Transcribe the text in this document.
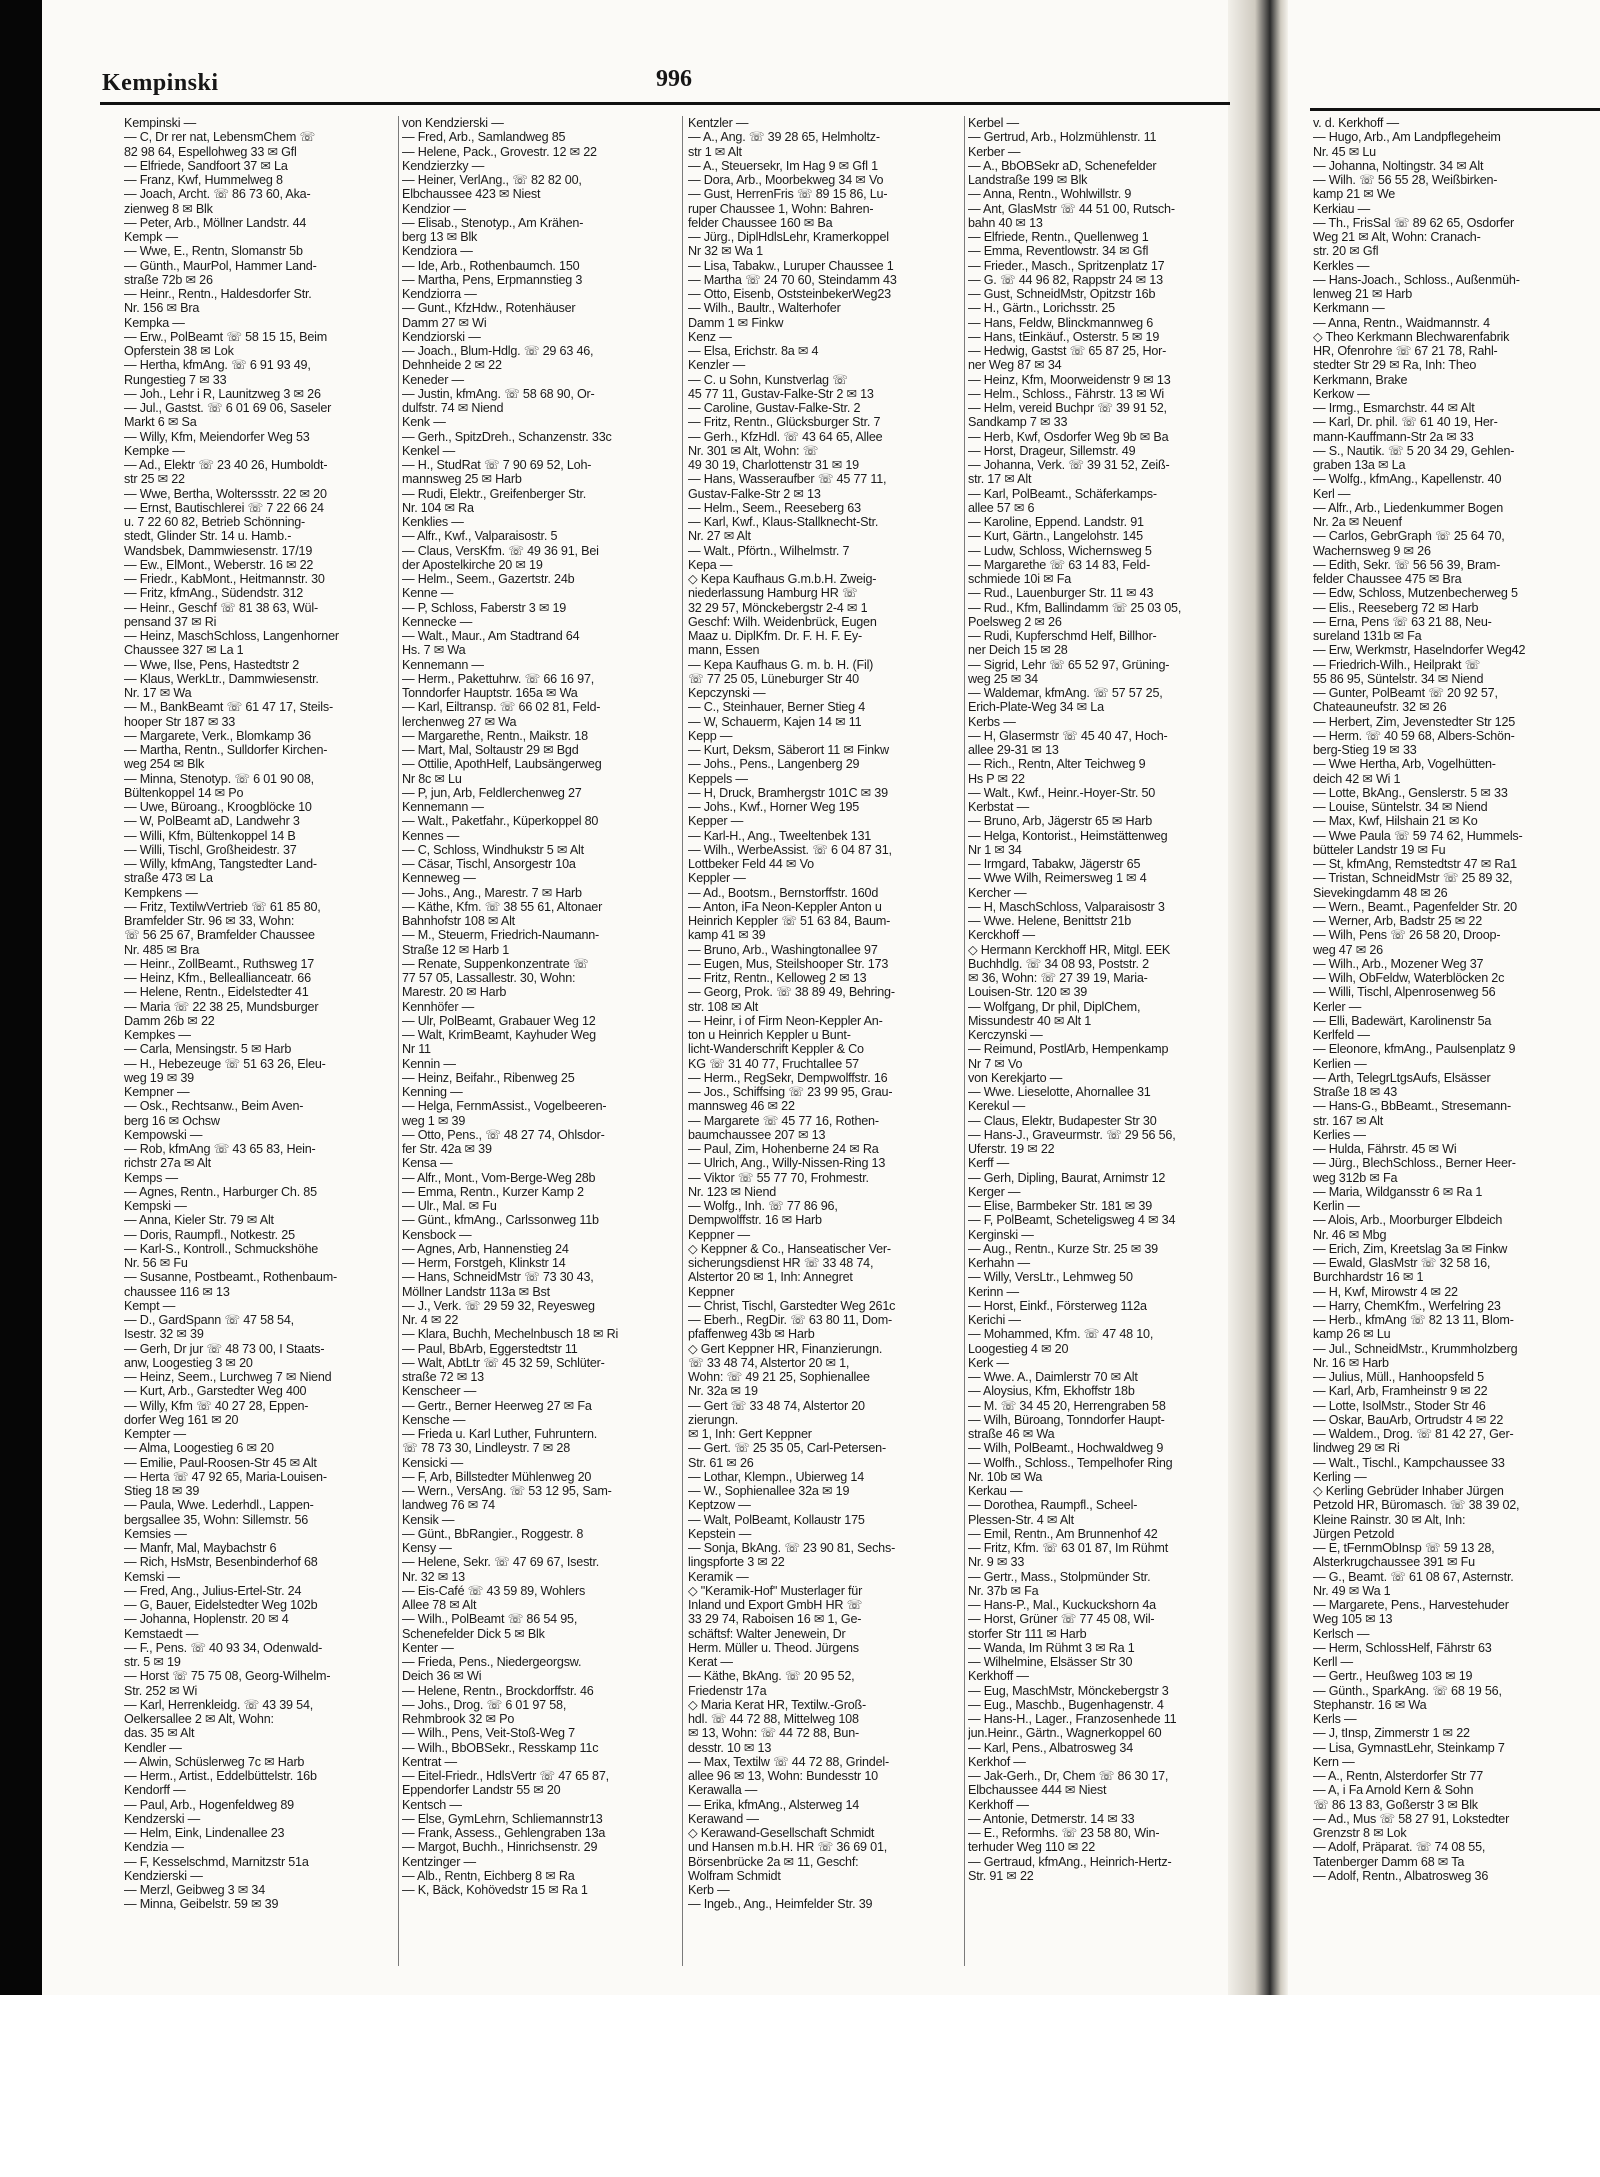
Kempinski	996
Kempinski —
— C, Dr rer nat, LebensmChem ☏
82 98 64, Espellohweg 33 ✉ Gfl
— Elfriede, Sandfoort 37 ✉ La
— Franz, Kwf, Hummelweg 8
— Joach, Archt. ☏ 86 73 60, Aka-
zienweg 8 ✉ Blk
— Peter, Arb., Möllner Landstr. 44
Kempk —
— Wwe, E., Rentn, Slomanstr 5b
— Günth., MaurPol, Hammer Land-
straße 72b ✉ 26
— Heinr., Rentn., Haldesdorfer Str.
Nr. 156 ✉ Bra
Kempka —
— Erw., PolBeamt ☏ 58 15 15, Beim
Opferstein 38 ✉ Lok
— Hertha, kfmAng. ☏ 6 91 93 49,
Rungestieg 7 ✉ 33
— Joh., Lehr i R, Launitzweg 3 ✉ 26
— Jul., Gastst. ☏ 6 01 69 06, Saseler
Markt 6 ✉ Sa
— Willy, Kfm, Meiendorfer Weg 53
Kempke —
— Ad., Elektr ☏ 23 40 26, Humboldt-
str 25 ✉ 22
— Wwe, Bertha, Wolterssstr. 22 ✉ 20
— Ernst, Bautischlerei ☏ 7 22 66 24
u. 7 22 60 82, Betrieb Schönning-
stedt, Glinder Str. 14 u. Hamb.-
Wandsbek, Dammwiesenstr. 17/19
— Ew., ElMont., Weberstr. 16 ✉ 22
— Friedr., KabMont., Heitmannstr. 30
— Fritz, kfmAng., Südendstr. 312
— Heinr., Geschf ☏ 81 38 63, Wül-
pensand 37 ✉ Ri
— Heinz, MaschSchloss, Langenhorner
Chaussee 327 ✉ La 1
— Wwe, Ilse, Pens, Hastedtstr 2
— Klaus, WerkLtr., Dammwiesenstr.
Nr. 17 ✉ Wa
— M., BankBeamt ☏ 61 47 17, Steils-
hooper Str 187 ✉ 33
— Margarete, Verk., Blomkamp 36
— Martha, Rentn., Sulldorfer Kirchen-
weg 254 ✉ Blk
— Minna, Stenotyp. ☏ 6 01 90 08,
Bültenkoppel 14 ✉ Po
— Uwe, Büroang., Kroogblöcke 10
— W, PolBeamt aD, Landwehr 3
— Willi, Kfm, Bültenkoppel 14 B
— Willi, Tischl, Großheidestr. 37
— Willy, kfmAng, Tangstedter Land-
straße 473 ✉ La
Kempkens —
— Fritz, TextilwVertrieb ☏ 61 85 80,
Bramfelder Str. 96 ✉ 33, Wohn:
☏ 56 25 67, Bramfelder Chaussee
Nr. 485 ✉ Bra
— Heinr., ZollBeamt., Ruthsweg 17
— Heinz, Kfm., Belleallianceatr. 66
— Helene, Rentn., Eidelstedter 41
— Maria ☏ 22 38 25, Mundsburger
Damm 26b ✉ 22
Kempkes —
— Carla, Mensingstr. 5 ✉ Harb
— H., Hebezeuge ☏ 51 63 26, Eleu-
weg 19 ✉ 39
Kempner —
— Osk., Rechtsanw., Beim Aven-
berg 16 ✉ Ochsw
Kempowski —
— Rob, kfmAng ☏ 43 65 83, Hein-
richstr 27a ✉ Alt
Kemps —
— Agnes, Rentn., Harburger Ch. 85
Kempski —
— Anna, Kieler Str. 79 ✉ Alt
— Doris, Raumpfl., Notkestr. 25
— Karl-S., Kontroll., Schmuckshöhe
Nr. 56 ✉ Fu
— Susanne, Postbeamt., Rothenbaum-
chaussee 116 ✉ 13
Kempt —
— D., GardSpann ☏ 47 58 54,
Isestr. 32 ✉ 39
— Gerh, Dr jur ☏ 48 73 00, I Staats-
anw, Loogestieg 3 ✉ 20
— Heinz, Seem., Lurchweg 7 ✉ Niend
— Kurt, Arb., Garstedter Weg 400
— Willy, Kfm ☏ 40 27 28, Eppen-
dorfer Weg 161 ✉ 20
Kempter —
— Alma, Loogestieg 6 ✉ 20
— Emilie, Paul-Roosen-Str 45 ✉ Alt
— Herta ☏ 47 92 65, Maria-Louisen-
Stieg 18 ✉ 39
— Paula, Wwe. Lederhdl., Lappen-
bergsallee 35, Wohn: Sillemstr. 56
Kemsies —
— Manfr, Mal, Maybachstr 6
— Rich, HsMstr, Besenbinderhof 68
Kemski —
— Fred, Ang., Julius-Ertel-Str. 24
— G, Bauer, Eidelstedter Weg 102b
— Johanna, Hoplenstr. 20 ✉ 4
Kemstaedt —
— F., Pens. ☏ 40 93 34, Odenwald-
str. 5 ✉ 19
— Horst ☏ 75 75 08, Georg-Wilhelm-
Str. 252 ✉ Wi
— Karl, Herrenkleidg. ☏ 43 39 54,
Oelkersallee 2 ✉ Alt, Wohn:
das. 35 ✉ Alt
Kendler —
— Alwin, Schüslerweg 7c ✉ Harb
— Herm., Artist., Eddelbüttelstr. 16b
Kendorff —
— Paul, Arb., Hogenfeldweg 89
Kendzerski —
— Helm, Eink, Lindenallee 23
Kendzia —
— F, Kesselschmd, Marnitzstr 51a
Kendzierski —
— Merzl, Geibweg 3 ✉ 34
— Minna, Geibelstr. 59 ✉ 39
von Kendzierski —
— Fred, Arb., Samlandweg 85
— Helene, Pack., Grovestr. 12 ✉ 22
Kendzierzky —
— Heiner, VerlAng., ☏ 82 82 00,
Elbchaussee 423 ✉ Niest
Kendzior —
— Elisab., Stenotyp., Am Krähen-
berg 13 ✉ Blk
Kendziora —
— Ide, Arb., Rothenbaumch. 150
— Martha, Pens, Erpmannstieg 3
Kendziorra —
— Gunt., KfzHdw., Rotenhäuser
Damm 27 ✉ Wi
Kendziorski —
— Joach., Blum-Hdlg. ☏ 29 63 46,
Dehnheide 2 ✉ 22
Keneder —
— Justin, kfmAng. ☏ 58 68 90, Or-
dulfstr. 74 ✉ Niend
Kenk —
— Gerh., SpitzDreh., Schanzenstr. 33c
Kenkel —
— H., StudRat ☏ 7 90 69 52, Loh-
mannsweg 25 ✉ Harb
— Rudi, Elektr., Greifenberger Str.
Nr. 104 ✉ Ra
Kenklies —
— Alfr., Kwf., Valparaisostr. 5
— Claus, VersKfm. ☏ 49 36 91, Bei
der Apostelkirche 20 ✉ 19
— Helm., Seem., Gazertstr. 24b
Kenne —
— P, Schloss, Faberstr 3 ✉ 19
Kennecke —
— Walt., Maur., Am Stadtrand 64
Hs. 7 ✉ Wa
Kennemann —
— Herm., Pakettuhrw. ☏ 66 16 97,
Tonndorfer Hauptstr. 165a ✉ Wa
— Karl, Eiltransp. ☏ 66 02 81, Feld-
lerchenweg 27 ✉ Wa
— Margarethe, Rentn., Maikstr. 18
— Mart, Mal, Soltaustr 29 ✉ Bgd
— Ottilie, ApothHelf, Laubsängerweg
Nr 8c ✉ Lu
— P, jun, Arb, Feldlerchenweg 27
Kennemann —
— Walt., Paketfahr., Küperkoppel 80
Kennes —
— C, Schloss, Windhukstr 5 ✉ Alt
— Cäsar, Tischl, Ansorgestr 10a
Kenneweg —
— Johs., Ang., Marestr. 7 ✉ Harb
— Käthe, Kfm. ☏ 38 55 61, Altonaer
Bahnhofstr 108 ✉ Alt
— M., Steuerm, Friedrich-Naumann-
Straße 12 ✉ Harb 1
— Renate, Suppenkonzentrate ☏
77 57 05, Lassallestr. 30, Wohn:
Marestr. 20 ✉ Harb
Kennhöfer —
— Ulr, PolBeamt, Grabauer Weg 12
— Walt, KrimBeamt, Kayhuder Weg
Nr 11
Kennin —
— Heinz, Beifahr., Ribenweg 25
Kenning —
— Helga, FernmAssist., Vogelbeeren-
weg 1 ✉ 39
— Otto, Pens., ☏ 48 27 74, Ohlsdor-
fer Str. 42a ✉ 39
Kensa —
— Alfr., Mont., Vom-Berge-Weg 28b
— Emma, Rentn., Kurzer Kamp 2
— Ulr., Mal. ✉ Fu
— Günt., kfmAng., Carlssonweg 11b
Kensbock —
— Agnes, Arb, Hannenstieg 24
— Herm, Forstgeh, Klinkstr 14
— Hans, SchneidMstr ☏ 73 30 43,
Möllner Landstr 113a ✉ Bst
— J., Verk. ☏ 29 59 32, Reyesweg
Nr. 4 ✉ 22
— Klara, Buchh, Mechelnbusch 18 ✉ Ri
— Paul, BbArb, Eggerstedtstr 11
— Walt, AbtLtr ☏ 45 32 59, Schlüter-
straße 72 ✉ 13
Kenscheer —
— Gertr., Berner Heerweg 27 ✉ Fa
Kensche —
— Frieda u. Karl Luther, Fuhruntern.
☏ 78 73 30, Lindleystr. 7 ✉ 28
Kensicki —
— F, Arb, Billstedter Mühlenweg 20
— Wern., VersAng. ☏ 53 12 95, Sam-
landweg 76 ✉ 74
Kensik —
— Günt., BbRangier., Roggestr. 8
Kensy —
— Helene, Sekr. ☏ 47 69 67, Isestr.
Nr. 32 ✉ 13
— Eis-Café ☏ 43 59 89, Wohlers
Allee 78 ✉ Alt
— Wilh., PolBeamt ☏ 86 54 95,
Schenefelder Dick 5 ✉ Blk
Kenter —
— Frieda, Pens., Niedergeorgsw.
Deich 36 ✉ Wi
— Helene, Rentn., Brockdorffstr. 46
— Johs., Drog. ☏ 6 01 97 58,
Rehmbrook 32 ✉ Po
— Wilh., Pens, Veit-Stoß-Weg 7
— Wilh., BbOBSekr., Resskamp 11c
Kentrat —
— Eitel-Friedr., HdlsVertr ☏ 47 65 87,
Eppendorfer Landstr 55 ✉ 20
Kentsch —
— Else, GymLehrn, Schliemannstr13
— Frank, Assess., Gehlengraben 13a
— Margot, Buchh., Hinrichsenstr. 29
Kentzinger —
— Alb., Rentn, Eichberg 8 ✉ Ra
— K, Bäck, Kohövedstr 15 ✉ Ra 1
Kentzler —
— A., Ang. ☏ 39 28 65, Helmholtz-
str 1 ✉ Alt
— A., Steuersekr, Im Hag 9 ✉ Gfl 1
— Dora, Arb., Moorbekweg 34 ✉ Vo
— Gust, HerrenFris ☏ 89 15 86, Lu-
ruper Chaussee 1, Wohn: Bahren-
felder Chaussee 160 ✉ Ba
— Jürg., DiplHdlsLehr, Kramerkoppel
Nr 32 ✉ Wa 1
— Lisa, Tabakw., Luruper Chaussee 1
— Martha ☏ 24 70 60, Steindamm 43
— Otto, Eisenb, OststeinbekerWeg23
— Wilh., Baultr., Walterhofer
Damm 1 ✉ Finkw
Kenz —
— Elsa, Erichstr. 8a ✉ 4
Kenzler —
— C. u Sohn, Kunstverlag ☏
45 77 11, Gustav-Falke-Str 2 ✉ 13
— Caroline, Gustav-Falke-Str. 2
— Fritz, Rentn., Glücksburger Str. 7
— Gerh., KfzHdl. ☏ 43 64 65, Allee
Nr. 301 ✉ Alt, Wohn: ☏
49 30 19, Charlottenstr 31 ✉ 19
— Hans, Wasseraufber ☏ 45 77 11,
Gustav-Falke-Str 2 ✉ 13
— Helm., Seem., Reeseberg 63
— Karl, Kwf., Klaus-Stallknecht-Str.
Nr. 27 ✉ Alt
— Walt., Pförtn., Wilhelmstr. 7
Kepa —
◇ Kepa Kaufhaus G.m.b.H. Zweig-
niederlassung Hamburg HR ☏
32 29 57, Mönckebergstr 2-4 ✉ 1
Geschf: Wilh. Weidenbrück, Eugen
Maaz u. DiplKfm. Dr. F. H. F. Ey-
mann, Essen
— Kepa Kaufhaus G. m. b. H. (Fil)
☏ 77 25 05, Lüneburger Str 40
Kepczynski —
— C., Steinhauer, Berner Stieg 4
— W, Schauerm, Kajen 14 ✉ 11
Kepp —
— Kurt, Deksm, Säberort 11 ✉ Finkw
— Johs., Pens., Langenberg 29
Keppels —
— H, Druck, Bramhergstr 101C ✉ 39
— Johs., Kwf., Horner Weg 195
Kepper —
— Karl-H., Ang., Tweeltenbek 131
— Wilh., WerbeAssist. ☏ 6 04 87 31,
Lottbeker Feld 44 ✉ Vo
Keppler —
— Ad., Bootsm., Bernstorffstr. 160d
— Anton, iFa Neon-Keppler Anton u
Heinrich Keppler ☏ 51 63 84, Baum-
kamp 41 ✉ 39
— Bruno, Arb., Washingtonallee 97
— Eugen, Mus, Steilshooper Str. 173
— Fritz, Rentn., Kelloweg 2 ✉ 13
— Georg, Prok. ☏ 38 89 49, Behring-
str. 108 ✉ Alt
— Heinr, i of Firm Neon-Keppler An-
ton u Heinrich Keppler u Bunt-
licht-Wanderschrift Keppler & Co
KG ☏ 31 40 77, Fruchtallee 57
— Herm., RegSekr, Dempwolffstr. 16
— Jos., Schiffsing ☏ 23 99 95, Grau-
mannsweg 46 ✉ 22
— Margarete ☏ 45 77 16, Rothen-
baumchaussee 207 ✉ 13
— Paul, Zim, Hohenberne 24 ✉ Ra
— Ulrich, Ang., Willy-Nissen-Ring 13
— Viktor ☏ 55 77 70, Frohmestr.
Nr. 123 ✉ Niend
— Wolfg., Inh. ☏ 77 86 96,
Dempwolffstr. 16 ✉ Harb
Keppner —
◇ Keppner & Co., Hanseatischer Ver-
sicherungsdienst HR ☏ 33 48 74,
Alstertor 20 ✉ 1, Inh: Annegret
Keppner
— Christ, Tischl, Garstedter Weg 261c
— Eberh., RegDir. ☏ 63 80 11, Dom-
pfaffenweg 43b ✉ Harb
◇ Gert Keppner HR, Finanzierungn.
☏ 33 48 74, Alstertor 20 ✉ 1,
Wohn: ☏ 49 21 25, Sophienallee
Nr. 32a ✉ 19
— Gert ☏ 33 48 74, Alstertor 20
zierungn.
✉ 1, Inh: Gert Keppner
— Gert. ☏ 25 35 05, Carl-Petersen-
Str. 61 ✉ 26
— Lothar, Klempn., Ubierweg 14
— W., Sophienallee 32a ✉ 19
Keptzow —
— Walt, PolBeamt, Kollaustr 175
Kepstein —
— Sonja, BkAng. ☏ 23 90 81, Sechs-
lingspforte 3 ✉ 22
Keramik —
◇ "Keramik-Hof" Musterlager für
Inland und Export GmbH HR ☏
33 29 74, Raboisen 16 ✉ 1, Ge-
schäftsf: Walter Jenewein, Dr
Herm. Müller u. Theod. Jürgens
Kerat —
— Käthe, BkAng. ☏ 20 95 52,
Friedenstr 17a
◇ Maria Kerat HR, Textilw.-Groß-
hdl. ☏ 44 72 88, Mittelweg 108
✉ 13, Wohn: ☏ 44 72 88, Bun-
desstr. 10 ✉ 13
— Max, Textilw ☏ 44 72 88, Grindel-
allee 96 ✉ 13, Wohn: Bundesstr 10
Kerawalla —
— Erika, kfmAng., Alsterweg 14
Kerawand —
◇ Kerawand-Gesellschaft Schmidt
und Hansen m.b.H. HR ☏ 36 69 01,
Börsenbrücke 2a ✉ 11, Geschf:
Wolfram Schmidt
Kerb —
— Ingeb., Ang., Heimfelder Str. 39
Kerbel —
— Gertrud, Arb., Holzmühlenstr. 11
Kerber —
— A., BbOBSekr aD, Schenefelder
Landstraße 199 ✉ Blk
— Anna, Rentn., Wohlwillstr. 9
— Ant, GlasMstr ☏ 44 51 00, Rutsch-
bahn 40 ✉ 13
— Elfriede, Rentn., Quellenweg 1
— Emma, Reventlowstr. 34 ✉ Gfl
— Frieder., Masch., Spritzenplatz 17
— G. ☏ 44 96 82, Rappstr 24 ✉ 13
— Gust, SchneidMstr, Opitzstr 16b
— H., Gärtn., Lorichsstr. 25
— Hans, Feldw, Blinckmannweg 6
— Hans, tEinkäuf., Osterstr. 5 ✉ 19
— Hedwig, Gastst ☏ 65 87 25, Hor-
ner Weg 87 ✉ 34
— Heinz, Kfm, Moorweidenstr 9 ✉ 13
— Helm., Schloss., Fährstr. 13 ✉ Wi
— Helm, vereid Buchpr ☏ 39 91 52,
Sandkamp 7 ✉ 33
— Herb, Kwf, Osdorfer Weg 9b ✉ Ba
— Horst, Drageur, Sillemstr. 49
— Johanna, Verk. ☏ 39 31 52, Zeiß-
str. 17 ✉ Alt
— Karl, PolBeamt., Schäferkamps-
allee 57 ✉ 6
— Karoline, Eppend. Landstr. 91
— Kurt, Gärtn., Langelohstr. 145
— Ludw, Schloss, Wichernsweg 5
— Margarethe ☏ 63 14 83, Feld-
schmiede 10i ✉ Fa
— Rud., Lauenburger Str. 11 ✉ 43
— Rud., Kfm, Ballindamm ☏ 25 03 05,
Poelsweg 2 ✉ 26
— Rudi, Kupferschmd Helf, Billhor-
ner Deich 15 ✉ 28
— Sigrid, Lehr ☏ 65 52 97, Grüning-
weg 25 ✉ 34
— Waldemar, kfmAng. ☏ 57 57 25,
Erich-Plate-Weg 34 ✉ La
Kerbs —
— H, Glasermstr ☏ 45 40 47, Hoch-
allee 29-31 ✉ 13
— Rich., Rentn, Alter Teichweg 9
Hs P ✉ 22
— Walt., Kwf., Heinr.-Hoyer-Str. 50
Kerbstat —
— Bruno, Arb, Jägerstr 65 ✉ Harb
— Helga, Kontorist., Heimstättenweg
Nr 1 ✉ 34
— Irmgard, Tabakw, Jägerstr 65
— Wwe Wilh, Reimersweg 1 ✉ 4
Kercher —
— H, MaschSchloss, Valparaisostr 3
— Wwe. Helene, Benittstr 21b
Kerckhoff —
◇ Hermann Kerckhoff HR, Mitgl. EEK
Buchhdlg. ☏ 34 08 93, Poststr. 2
✉ 36, Wohn: ☏ 27 39 19, Maria-
Louisen-Str. 120 ✉ 39
— Wolfgang, Dr phil, DiplChem,
Missundestr 40 ✉ Alt 1
Kerczynski —
— Reimund, PostlArb, Hempenkamp
Nr 7 ✉ Vo
von Kerekjarto —
— Wwe. Lieselotte, Ahornallee 31
Kerekul —
— Claus, Elektr, Budapester Str 30
— Hans-J., Graveurmstr. ☏ 29 56 56,
Uferstr. 19 ✉ 22
Kerff —
— Gerh, Dipling, Baurat, Arnimstr 12
Kerger —
— Elise, Barmbeker Str. 181 ✉ 39
— F, PolBeamt, Scheteligsweg 4 ✉ 34
Kerginski —
— Aug., Rentn., Kurze Str. 25 ✉ 39
Kerhahn —
— Willy, VersLtr., Lehmweg 50
Kerinn —
— Horst, Einkf., Försterweg 112a
Kerichi —
— Mohammed, Kfm. ☏ 47 48 10,
Loogestieg 4 ✉ 20
Kerk —
— Wwe. A., Daimlerstr 70 ✉ Alt
— Aloysius, Kfm, Ekhoffstr 18b
— M. ☏ 34 45 20, Herrengraben 58
— Wilh, Büroang, Tonndorfer Haupt-
straße 46 ✉ Wa
— Wilh, PolBeamt., Hochwaldweg 9
— Wolfh., Schloss., Tempelhofer Ring
Nr. 10b ✉ Wa
Kerkau —
— Dorothea, Raumpfl., Scheel-
Plessen-Str. 4 ✉ Alt
— Emil, Rentn., Am Brunnenhof 42
— Fritz, Kfm. ☏ 63 01 87, Im Rühmt
Nr. 9 ✉ 33
— Gertr., Mass., Stolpmünder Str.
Nr. 37b ✉ Fa
— Hans-P., Mal., Kuckuckshorn 4a
— Horst, Grüner ☏ 77 45 08, Wil-
storfer Str 111 ✉ Harb
— Wanda, Im Rühmt 3 ✉ Ra 1
— Wilhelmine, Elsässer Str 30
Kerkhoff —
— Eug, MaschMstr, Mönckebergstr 3
— Eug., Maschb., Bugenhagenstr. 4
— Hans-H., Lager., Franzosenhede 11
jun.Heinr., Gärtn., Wagnerkoppel 60
— Karl, Pens., Albatrosweg 34
Kerkhof —
— Jak-Gerh., Dr, Chem ☏ 86 30 17,
Elbchaussee 444 ✉ Niest
Kerkhoff —
— Antonie, Detmerstr. 14 ✉ 33
— E., Reformhs. ☏ 23 58 80, Win-
terhuder Weg 110 ✉ 22
— Gertraud, kfmAng., Heinrich-Hertz-
Str. 91 ✉ 22
v. d. Kerkhoff —
— Hugo, Arb., Am Landpflegeheim
Nr. 45 ✉ Lu
— Johanna, Noltingstr. 34 ✉ Alt
— Wilh. ☏ 56 55 28, Weißbirken-
kamp 21 ✉ We
Kerkiau —
— Th., FrisSal ☏ 89 62 65, Osdorfer
Weg 21 ✉ Alt, Wohn: Cranach-
str. 20 ✉ Gfl
Kerkles —
— Hans-Joach., Schloss., Außenmüh-
lenweg 21 ✉ Harb
Kerkmann —
— Anna, Rentn., Waidmannstr. 4
◇ Theo Kerkmann Blechwarenfabrik
HR, Ofenrohre ☏ 67 21 78, Rahl-
stedter Str 29 ✉ Ra, Inh: Theo
Kerkmann, Brake
Kerkow —
— Irmg., Esmarchstr. 44 ✉ Alt
— Karl, Dr. phil. ☏ 61 40 19, Her-
mann-Kauffmann-Str 2a ✉ 33
— S., Nautik. ☏ 5 20 34 29, Gehlen-
graben 13a ✉ La
— Wolfg., kfmAng., Kapellenstr. 40
Kerl —
— Alfr., Arb., Liedenkummer Bogen
Nr. 2a ✉ Neuenf
— Carlos, GebrGraph ☏ 25 64 70,
Wachernsweg 9 ✉ 26
— Edith, Sekr. ☏ 56 56 39, Bram-
felder Chaussee 475 ✉ Bra
— Edw, Schloss, Mutzenbecherweg 5
— Elis., Reeseberg 72 ✉ Harb
— Erna, Pens ☏ 63 21 88, Neu-
sureland 131b ✉ Fa
— Erw, Werkmstr, Haselndorfer Weg42
— Friedrich-Wilh., Heilprakt ☏
55 86 95, Süntelstr. 34 ✉ Niend
— Gunter, PolBeamt ☏ 20 92 57,
Chateauneufstr. 32 ✉ 26
— Herbert, Zim, Jevenstedter Str 125
— Herm. ☏ 40 59 68, Albers-Schön-
berg-Stieg 19 ✉ 33
— Wwe Hertha, Arb, Vogelhütten-
deich 42 ✉ Wi 1
— Lotte, BkAng., Genslerstr. 5 ✉ 33
— Louise, Süntelstr. 34 ✉ Niend
— Max, Kwf, Hilshain 21 ✉ Ko
— Wwe Paula ☏ 59 74 62, Hummels-
bütteler Landstr 19 ✉ Fu
— St, kfmAng, Remstedtstr 47 ✉ Ra1
— Tristan, SchneidMstr ☏ 25 89 32,
Sievekingdamm 48 ✉ 26
— Wern., Beamt., Pagenfelder Str. 20
— Werner, Arb, Badstr 25 ✉ 22
— Wilh, Pens ☏ 26 58 20, Droop-
weg 47 ✉ 26
— Wilh., Arb., Mozener Weg 37
— Wilh, ObFeldw, Waterblöcken 2c
— Willi, Tischl, Alpenrosenweg 56
Kerler —
— Elli, Badewärt, Karolinenstr 5a
Kerlfeld —
— Eleonore, kfmAng., Paulsenplatz 9
Kerlien —
— Arth, TelegrLtgsAufs, Elsässer
Straße 18 ✉ 43
— Hans-G., BbBeamt., Stresemann-
str. 167 ✉ Alt
Kerlies —
— Hulda, Fährstr. 45 ✉ Wi
— Jürg., BlechSchloss., Berner Heer-
weg 312b ✉ Fa
— Maria, Wildgansstr 6 ✉ Ra 1
Kerlin —
— Alois, Arb., Moorburger Elbdeich
Nr. 46 ✉ Mbg
— Erich, Zim, Kreetslag 3a ✉ Finkw
— Ewald, GlasMstr ☏ 32 58 16,
Burchhardstr 16 ✉ 1
— H, Kwf, Mirowstr 4 ✉ 22
— Harry, ChemKfm., Werfelring 23
— Herb., kfmAng ☏ 82 13 11, Blom-
kamp 26 ✉ Lu
— Jul., SchneidMstr., Krummholzberg
Nr. 16 ✉ Harb
— Julius, Müll., Hanhoopsfeld 5
— Karl, Arb, Framheinstr 9 ✉ 22
— Lotte, IsolMstr., Stoder Str 46
— Oskar, BauArb, Ortrudstr 4 ✉ 22
— Waldem., Drog. ☏ 81 42 27, Ger-
lindweg 29 ✉ Ri
— Walt., Tischl., Kampchaussee 33
Kerling —
◇ Kerling Gebrüder Inhaber Jürgen
Petzold HR, Büromasch. ☏ 38 39 02,
Kleine Rainstr. 30 ✉ Alt, Inh:
Jürgen Petzold
— E, tFernmObInsp ☏ 59 13 28,
Alsterkrugchaussee 391 ✉ Fu
— G., Beamt. ☏ 61 08 67, Asternstr.
Nr. 49 ✉ Wa 1
— Margarete, Pens., Harvestehuder
Weg 105 ✉ 13
Kerlsch —
— Herm, SchlossHelf, Fährstr 63
Kerll —
— Gertr., Heußweg 103 ✉ 19
— Günth., SparkAng. ☏ 68 19 56,
Stephanstr. 16 ✉ Wa
Kerls —
— J, tInsp, Zimmerstr 1 ✉ 22
— Lisa, GymnastLehr, Steinkamp 7
Kern —
— A., Rentn, Alsterdorfer Str 77
— A, i Fa Arnold Kern & Sohn
☏ 86 13 83, Goßerstr 3 ✉ Blk
— Ad., Mus ☏ 58 27 91, Lokstedter
Grenzstr 8 ✉ Lok
— Adolf, Präparat. ☏ 74 08 55,
Tatenberger Damm 68 ✉ Ta
— Adolf, Rentn., Albatrosweg 36
